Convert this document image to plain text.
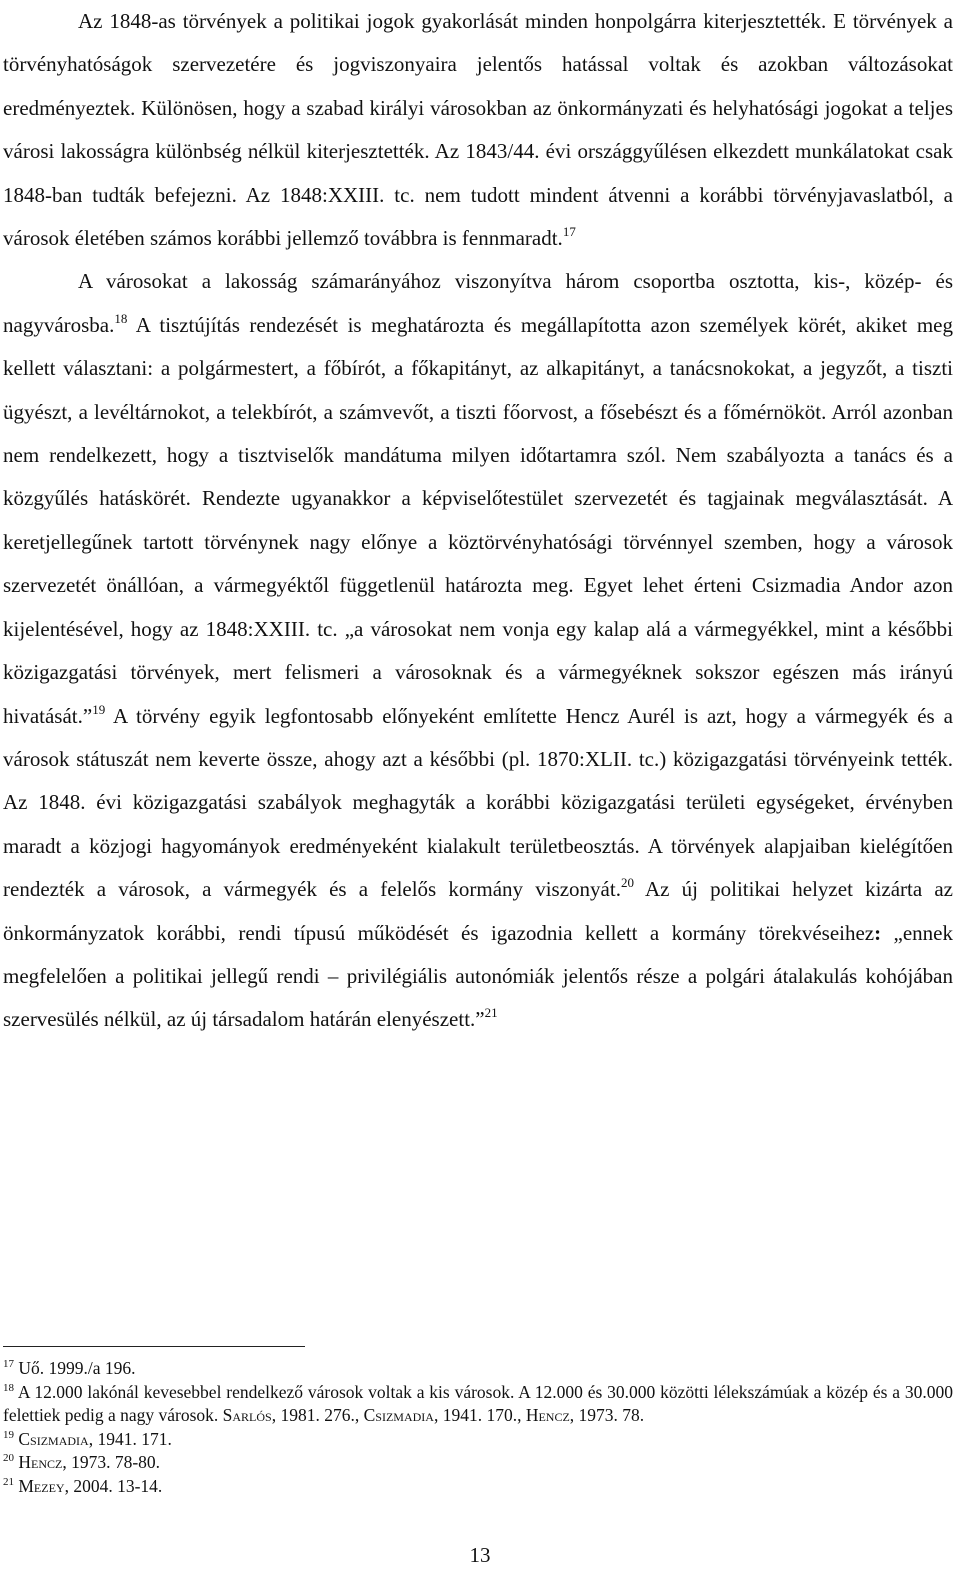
Az 1848-as törvények a politikai jogok gyakorlását minden honpolgárra kiterjesztették. E törvények a törvényhatóságok szervezetére és jogviszonyaira jelentős hatással voltak és azokban változásokat eredményeztek. Különösen, hogy a szabad királyi városokban az önkormányzati és helyhatósági jogokat a teljes városi lakosságra különbség nélkül kiterjesztették. Az 1843/44. évi országgyűlésen elkezdett munkálatokat csak 1848-ban tudták befejezni. Az 1848:XXIII. tc. nem tudott mindent átvenni a korábbi törvényjavaslatból, a városok életében számos korábbi jellemző továbbra is fennmaradt.$^{17}$

A városokat a lakosság számarányához viszonyítva három csoportba osztotta, kis-, közép- és nagyvárosba.$^{18}$ A tisztújítás rendezését is meghatározta és megállapította azon személyek körét, akiket meg kellett választani: a polgármestert, a főbírót, a főkapitányt, az alkapitányt, a tanácsnokokat, a jegyzőt, a tiszti ügyészt, a levéltárnokot, a telekbírót, a számvevőt, a tiszti főorvost, a fősebészt és a főmérnököt. Arról azonban nem rendelkezett, hogy a tisztviselők mandátuma milyen időtartamra szól. Nem szabályozta a tanács és a közgyűlés hatáskörét. Rendezte ugyanakkor a képviselőtestület szervezetét és tagjainak megválasztását. A keretjellegűnek tartott törvénynek nagy előnye a köztörvényhatósági törvénnyel szemben, hogy a városok szervezetét önállóan, a vármegyéktől függetlenül határozta meg. Egyet lehet érteni Csizmadia Andor azon kijelentésével, hogy az 1848:XXIII. tc. „a városokat nem vonja egy kalap alá a vármegyékkel, mint a későbbi közigazgatási törvények, mert felismeri a városoknak és a vármegyéknek sokszor egészen más irányú hivatását.”$^{19}$ A törvény egyik legfontosabb előnyeként említette Hencz Aurél is azt, hogy a vármegyék és a városok státuszát nem keverte össze, ahogy azt a későbbi (pl. 1870:XLII. tc.) közigazgatási törvényeink tették. Az 1848. évi közigazgatási szabályok meghagyták a korábbi közigazgatási területi egységeket, érvényben maradt a közjogi hagyományok eredményeként kialakult területbeosztás. A törvények alapjaiban kielégítően rendezték a városok, a vármegyék és a felelős kormány viszonyát.$^{20}$ Az új politikai helyzet kizárta az önkormányzatok korábbi, rendi típusú működését és igazodnia kellett a kormány törekvéseihez: „ennek megfelelően a politikai jellegű rendi – privilégiális autonómiák jelentős része a polgári átalakulás kohójában szervesülés nélkül, az új társadalom határán elenyészett.”$^{21}$

$^{17}$ Uő. 1999./a 196.

$^{18}$ A 12.000 lakónál kevesebbel rendelkező városok voltak a kis városok. A 12.000 és 30.000 közötti lélekszámúak a közép és a 30.000 felettiek pedig a nagy városok. Sarlós, 1981. 276., Csizmadia, 1941. 170., Hencz, 1973. 78.

$^{19}$ Csizmadia, 1941. 171.

$^{20}$ Hencz, 1973. 78-80.

$^{21}$ Mezey, 2004. 13-14.

13
